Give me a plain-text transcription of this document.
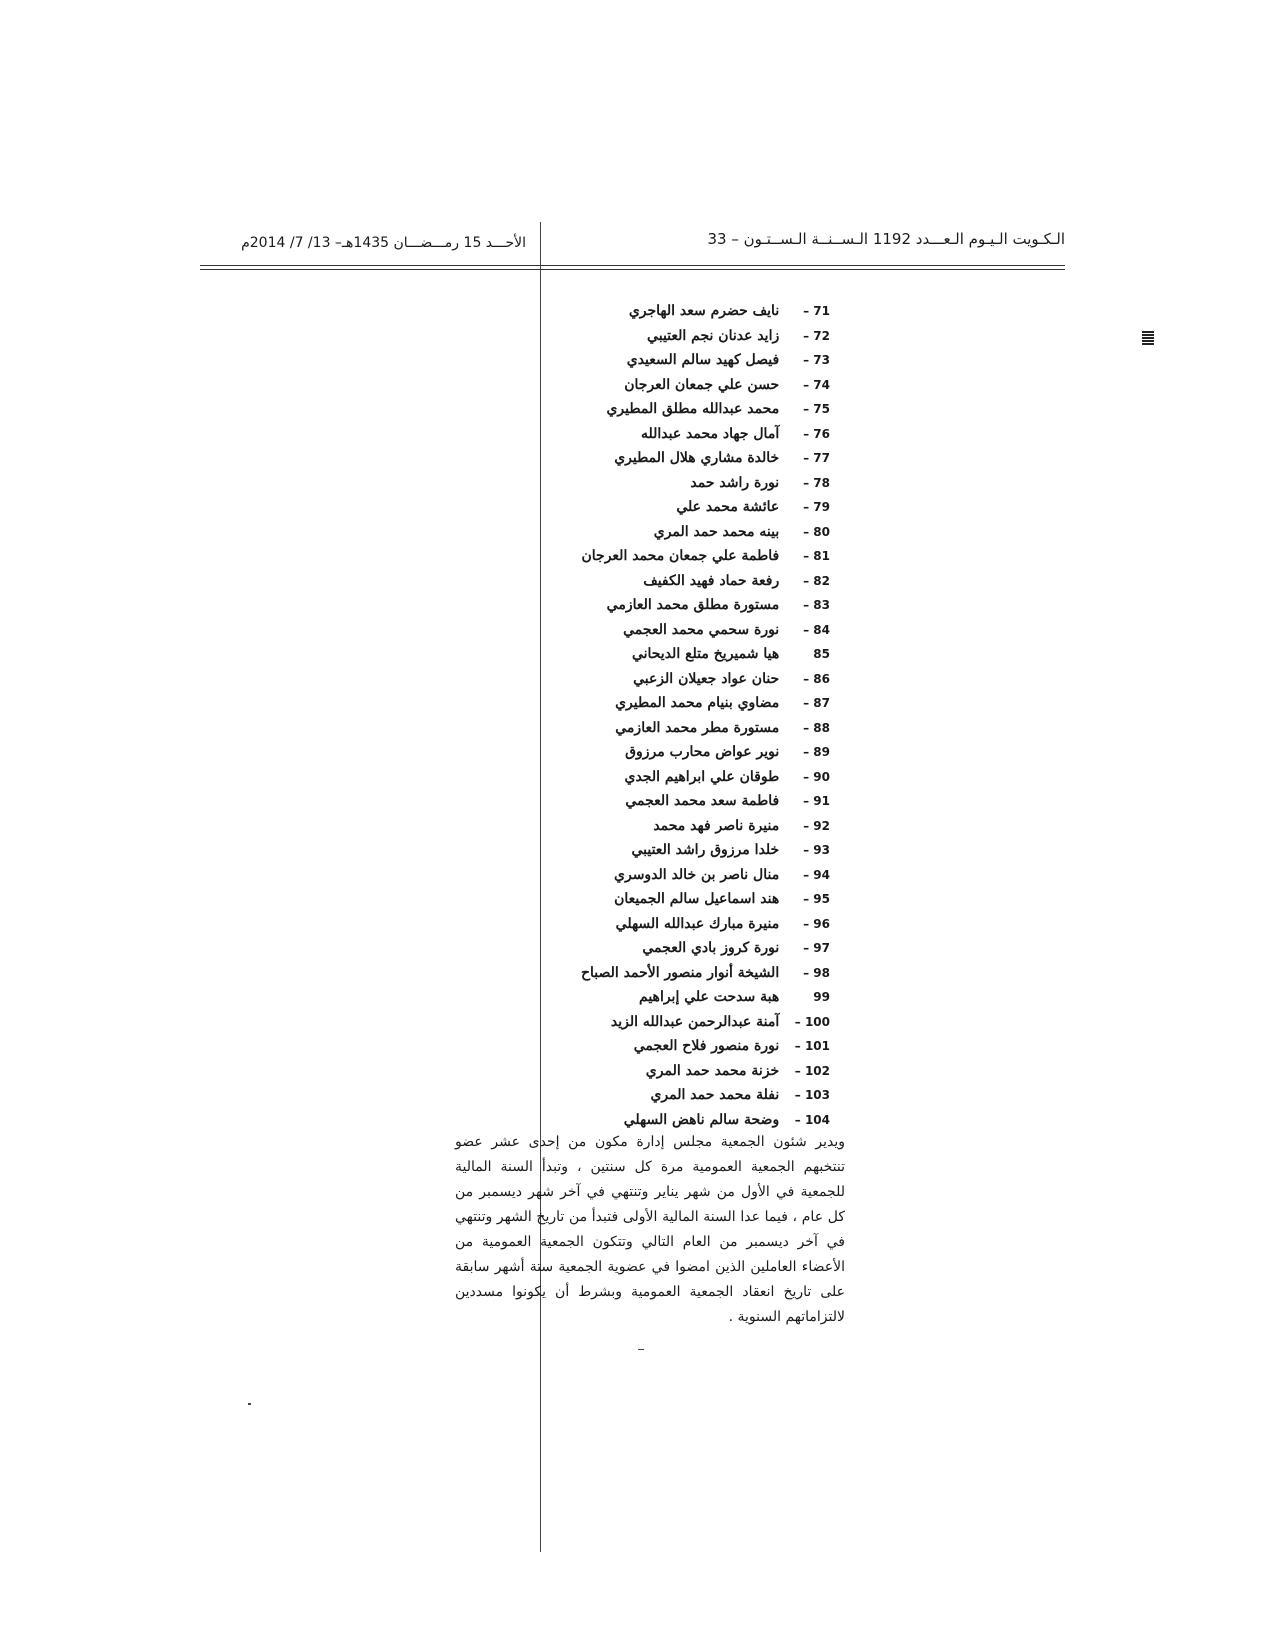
الـكـويت الـيـوم الـعـــدد 1192 الـســنــة الـســتـون – 33
الأحـــد 15 رمـــضـــان 1435هـ– 13/ 7/ 2014م
71 – نايف حضرم سعد الهاجري
72 – زايد عدنان نجم العتيبي
73 – فيصل كهيد سالم السعيدي
74 – حسن علي جمعان العرجان
75 – محمد عبدالله مطلق المطيري
76 – آمال جهاد محمد عبدالله
77 – خالدة مشاري هلال المطيري
78 – نورة راشد حمد
79 – عائشة محمد علي
80 – بينه محمد حمد المري
81 – فاطمة علي جمعان محمد العرجان
82 – رفعة حماد فهيد الكفيف
83 – مستورة مطلق محمد العازمي
84 – نورة سحمي محمد العجمي
85 هيا شميريخ متلع الديحاني
86 – حنان عواد جعيلان الزعبي
87 – مضاوي بنيام محمد المطيري
88 – مستورة مطر محمد العازمي
89 – نوير عواض محارب مرزوق
90 – طوقان علي ابراهيم الجدي
91 – فاطمة سعد محمد العجمي
92 – منيرة ناصر فهد محمد
93 – خلدا مرزوق راشد العتيبي
94 – منال ناصر بن خالد الدوسري
95 – هند اسماعيل سالم الجميعان
96 – منيرة مبارك عبدالله السهلي
97 – نورة كروز بادي العجمي
98 – الشيخة أنوار منصور الأحمد الصباح
99 هبة سدحت علي إبراهيم
100 – آمنة عبدالرحمن عبدالله الزيد
101 – نورة منصور فلاح العجمي
102 – خزنة محمد حمد المري
103 – نفلة محمد حمد المري
104 – وضحة سالم ناهض السهلي

ويدير شئون الجمعية مجلس إدارة مكون من إحدى عشر عضو تنتخبهم الجمعية العمومية مرة كل سنتين ، وتبدأ السنة المالية للجمعية في الأول من شهر يناير وتنتهي في آخر شهر ديسمبر من كل عام ، فيما عدا السنة المالية الأولى فتبدأ من تاريخ الشهر وتنتهي في آخر ديسمبر من العام التالي وتتكون الجمعية العمومية من الأعضاء العاملين الذين امضوا في عضوية الجمعية ستة أشهر سابقة على تاريخ انعقاد الجمعية العمومية وبشرط أن يكونوا مسددين لالتزاماتهم السنوية .
